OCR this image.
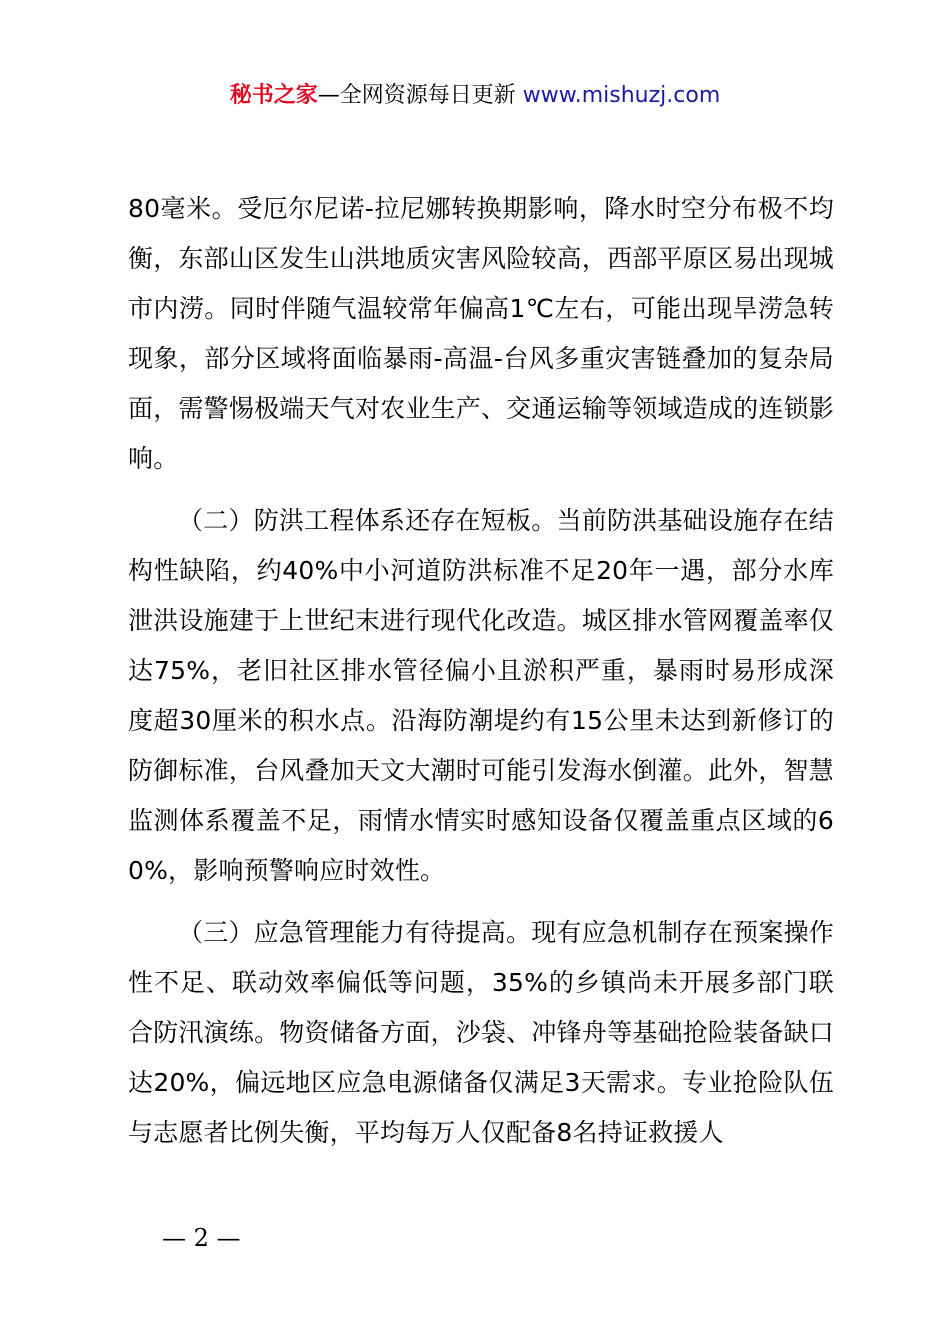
秘书之家—全网资源每日更新 www.mishuzj.com

80毫米。受厄尔尼诺-拉尼娜转换期影响，降水时空分布极不均衡，东部山区发生山洪地质灾害风险较高，西部平原区易出现城市内涝。同时伴随气温较常年偏高1℃左右，可能出现旱涝急转现象，部分区域将面临暴雨-高温-台风多重灾害链叠加的复杂局面，需警惕极端天气对农业生产、交通运输等领域造成的连锁影响。

（二）防洪工程体系还存在短板。当前防洪基础设施存在结构性缺陷，约40%中小河道防洪标准不足20年一遇，部分水库泄洪设施建于上世纪末进行现代化改造。城区排水管网覆盖率仅达75%，老旧社区排水管径偏小且淤积严重，暴雨时易形成深度超30厘米的积水点。沿海防潮堤约有15公里未达到新修订的防御标准，台风叠加天文大潮时可能引发海水倒灌。此外，智慧监测体系覆盖不足，雨情水情实时感知设备仅覆盖重点区域的60%，影响预警响应时效性。

（三）应急管理能力有待提高。现有应急机制存在预案操作性不足、联动效率偏低等问题，35%的乡镇尚未开展多部门联合防汛演练。物资储备方面，沙袋、冲锋舟等基础抢险装备缺口达20%，偏远地区应急电源储备仅满足3天需求。专业抢险队伍与志愿者比例失衡，平均每万人仅配备8名持证救援人

— 2 —
